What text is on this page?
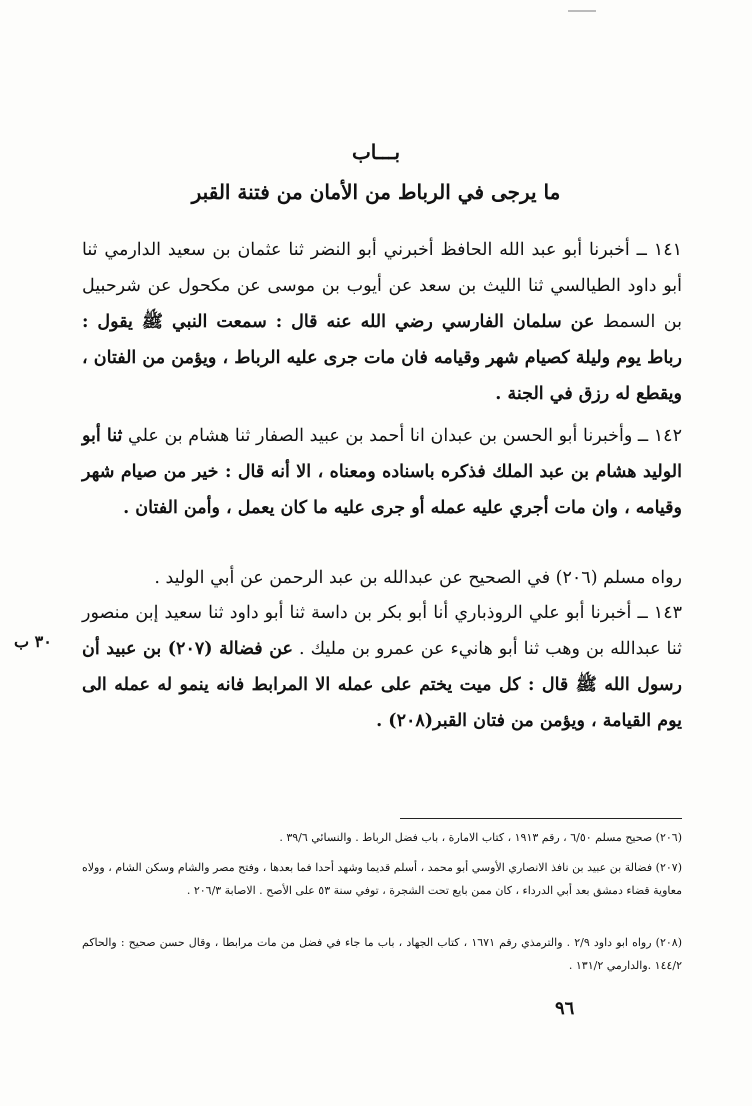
بـــاب
ما يرجى في الرباط من الأمان من فتنة القبر
١٤١ ــ أخبرنا أبو عبد الله الحافظ أخبرني أبو النضر ثنا عثمان بن سعيد الدارمي ثنا أبو داود الطيالسي ثنا الليث بن سعد عن أيوب بن موسى عن مكحول عن شرحبيل بن السمط عن سلمان الفارسي رضي الله عنه قال : سمعت النبي ﷺ يقول : رباط يوم وليلة كصيام شهر وقيامه فان مات جرى عليه الرباط ، ويؤمن من الفتان ، ويقطع له رزق في الجنة .
١٤٢ ــ وأخبرنا أبو الحسن بن عبدان انا أحمد بن عبيد الصفار ثنا هشام بن علي ثنا أبو الوليد هشام بن عبد الملك فذكره باسناده ومعناه ، الا أنه قال : خير من صيام شهر وقيامه ، وان مات أجري عليه عمله أو جرى عليه ما كان يعمل ، وأمن الفتان .
رواه مسلم (٢٠٦) في الصحيح عن عبدالله بن عبد الرحمن عن أبي الوليد .
١٤٣ ــ أخبرنا أبو علي الروذباري أنا أبو بكر بن داسة ثنا أبو داود ثنا سعيد إبن منصور ثنا عبدالله بن وهب ثنا أبو هانيء عن عمرو بن مليك . عن فضالة (٢٠٧) بن عبيد أن رسول الله ﷺ قال : كل ميت يختم على عمله الا المرابط فانه ينمو له عمله الى يوم القيامة ، ويؤمن من فتان القبر(٢٠٨) .
٣٠ ب
(٢٠٦) صحيح مسلم ٦/٥٠ ، رقم ١٩١٣ ، كتاب الامارة ، باب فضل الرباط . والنسائي ٣٩/٦ .
(٢٠٧) فضالة بن عبيد بن نافذ الانصاري الأوسي أبو محمد ، أسلم قديما وشهد أحدا فما بعدها ، وفتح مصر والشام وسكن الشام ، وولاه معاوية قضاء دمشق بعد أبي الدرداء ، كان ممن بايع تحت الشجرة ، توفي سنة ٥٣ على الأصح . الاصابة ٢٠٦/٣ .
(٢٠٨) رواه ابو داود ٢/٩ . والترمذي رقم ١٦٧١ ، كتاب الجهاد ، باب ما جاء في فضل من مات مرابطا ، وقال حسن صحيح : والحاكم ١٤٤/٢ .والدارمي ١٣١/٢ .
٩٦
